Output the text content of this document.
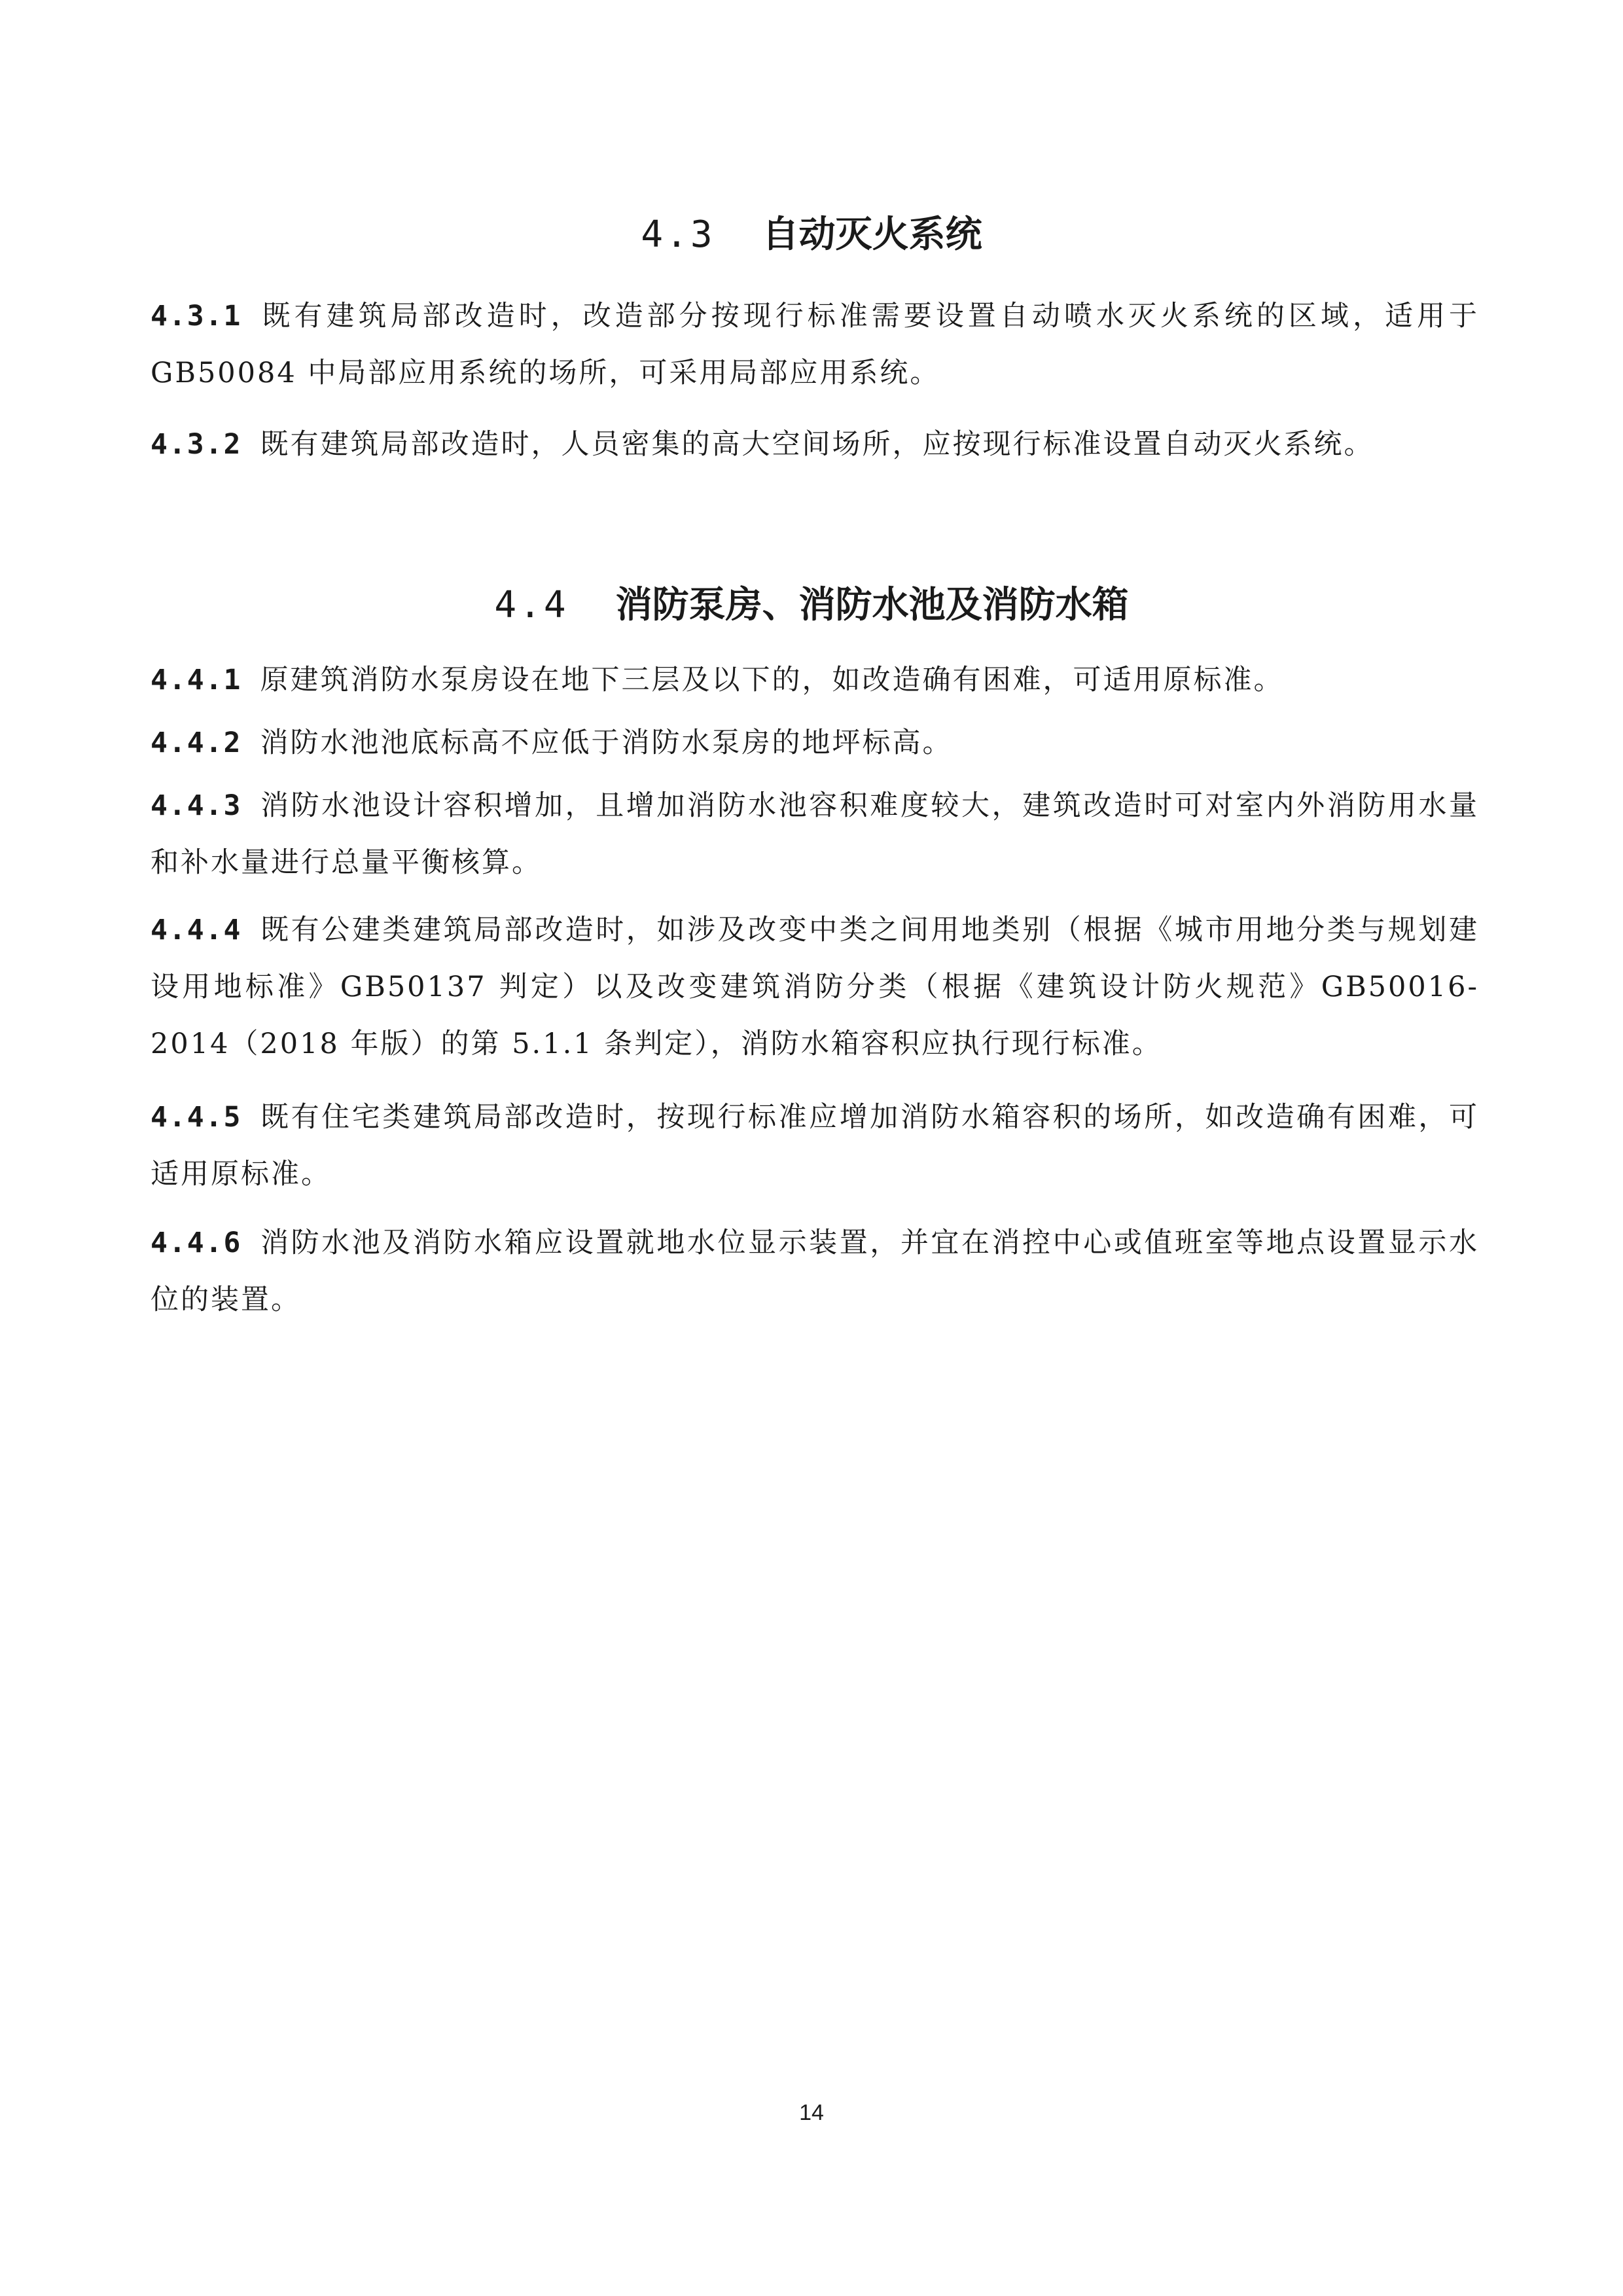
4.3 自动灭火系统
4.3.1 既有建筑局部改造时，改造部分按现行标准需要设置自动喷水灭火系统的区域，适用于 GB50084 中局部应用系统的场所，可采用局部应用系统。
4.3.2 既有建筑局部改造时，人员密集的高大空间场所，应按现行标准设置自动灭火系统。
4.4 消防泵房、消防水池及消防水箱
4.4.1 原建筑消防水泵房设在地下三层及以下的，如改造确有困难，可适用原标准。
4.4.2 消防水池池底标高不应低于消防水泵房的地坪标高。
4.4.3 消防水池设计容积增加，且增加消防水池容积难度较大，建筑改造时可对室内外消防用水量和补水量进行总量平衡核算。
4.4.4 既有公建类建筑局部改造时，如涉及改变中类之间用地类别（根据《城市用地分类与规划建设用地标准》GB50137 判定）以及改变建筑消防分类（根据《建筑设计防火规范》GB50016-2014（2018 年版）的第 5.1.1 条判定），消防水箱容积应执行现行标准。
4.4.5 既有住宅类建筑局部改造时，按现行标准应增加消防水箱容积的场所，如改造确有困难，可适用原标准。
4.4.6 消防水池及消防水箱应设置就地水位显示装置，并宜在消控中心或值班室等地点设置显示水位的装置。
14
